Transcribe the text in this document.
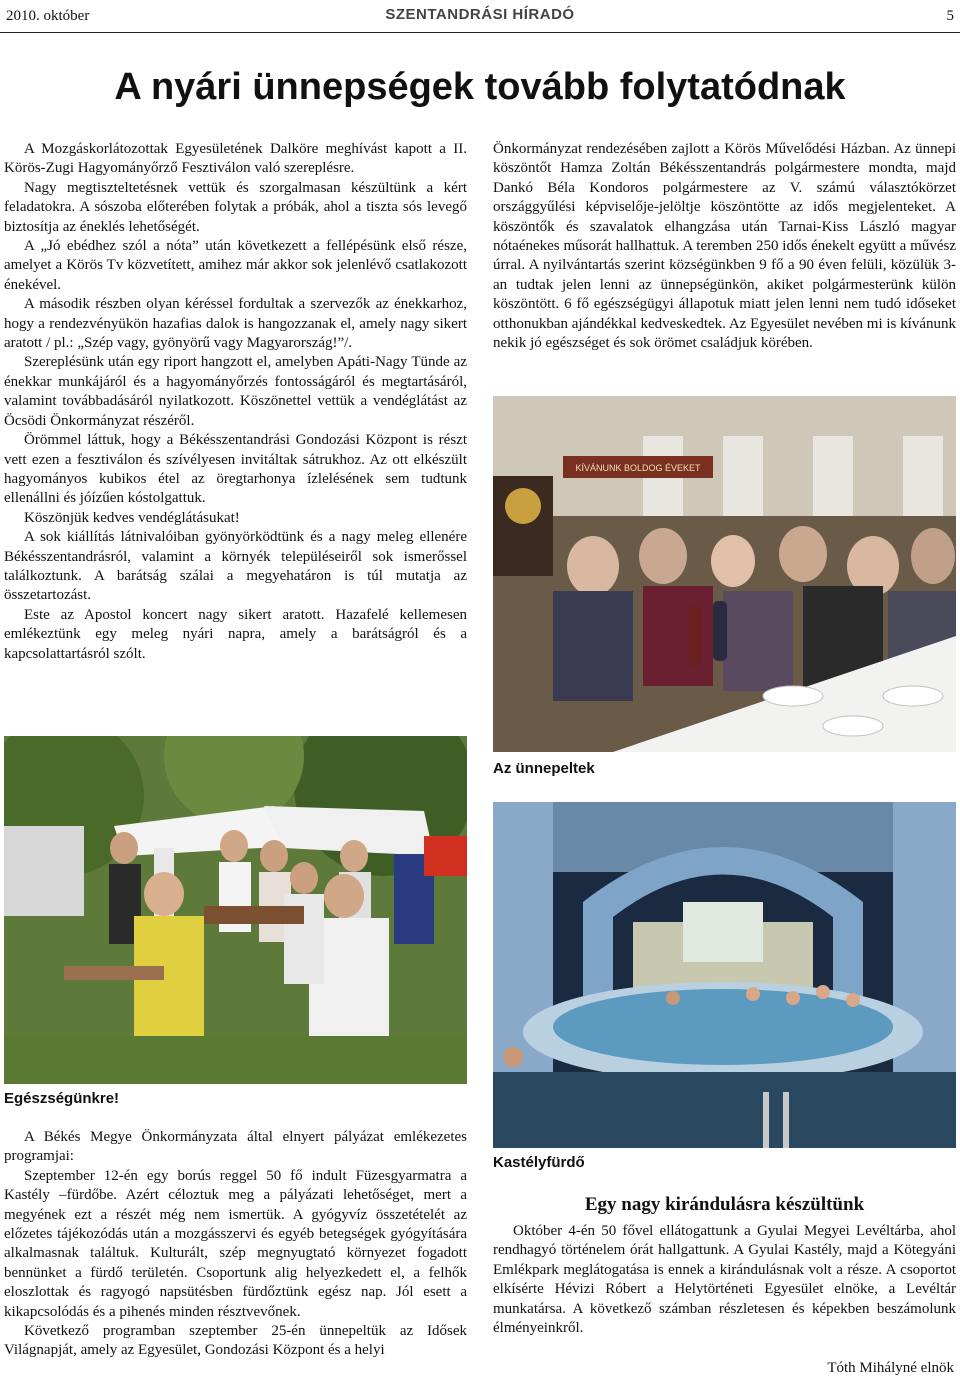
2010. október	SZENTANDRÁSI HÍRADÓ	5
A nyári ünnepségek tovább folytatódnak

A Mozgáskorlátozottak Egyesületének Dalköre meghívást kapott a II. Körös-Zugi Hagyományőrző Fesztiválon való szereplésre.

Nagy megtiszteltetésnek vettük és szorgalmasan készültünk a kért feladatokra. A sószoba előterében folytak a próbák, ahol a tiszta sós levegő biztosítja az éneklés lehetőségét.

A „Jó ebédhez szól a nóta” után következett a fellépésünk első része, amelyet a Körös Tv közvetített, amihez már akkor sok jelenlévő csatlakozott énekével.

A második részben olyan kéréssel fordultak a szervezők az énekkarhoz, hogy a rendezvényükön hazafias dalok is hangozzanak el, amely nagy sikert aratott / pl.: „Szép vagy, gyönyörű vagy Magyarország!”/.

Szereplésünk után egy riport hangzott el, amelyben Apáti-Nagy Tünde az énekkar munkájáról és a hagyományőrzés fontosságáról és megtartásáról, valamint továbbadásáról nyilatkozott. Köszönettel vettük a vendéglátást az Öcsödi Önkormányzat részéről.

Örömmel láttuk, hogy a Békésszentandrási Gondozási Központ is részt vett ezen a fesztiválon és szívélyesen invitáltak sátrukhoz. Az ott elkészült hagyományos kubikos étel az öregtarhonya ízlelésének sem tudtunk ellenállni és jóízűen kóstolgattuk.

Köszönjük kedves vendéglátásukat!

A sok kiállítás látnivalóiban gyönyörködtünk és a nagy meleg ellenére Békésszentandrásról, valamint a környék településeiről sok ismerőssel találkoztunk. A barátság szálai a megyehatáron is túl mutatja az összetartozást.

Este az Apostol koncert nagy sikert aratott. Hazafelé kellemesen emlékeztünk egy meleg nyári napra, amely a barátságról és a kapcsolattartásról szólt.

Önkormányzat rendezésében zajlott a Körös Művelődési Házban. Az ünnepi köszöntőt Hamza Zoltán Békésszentandrás polgármestere mondta, majd Dankó Béla Kondoros polgármestere az V. számú választókörzet országgyűlési képviselője-jelöltje köszöntötte az idős megjelenteket. A köszöntők és szavalatok elhangzása után Tarnai-Kiss László magyar nótaénekes műsorát hallhattuk. A teremben 250 idős énekelt együtt a művész úrral. A nyilvántartás szerint községünkben 9 fő a 90 éven felüli, közülük 3-an tudtak jelen lenni az ünnepségünkön, akiket polgármesterünk külön köszöntött. 6 fő egészségügyi állapotuk miatt jelen lenni nem tudó időseket otthonukban ajándékkal kedveskedtek. Az Egyesület nevében mi is kívánunk nekik jó egészséget és sok örömet családjuk körében.

KÍVÁNUNK BOLDOG ÉVEKET
Az ünnepeltek
Egészségünkre!
Kastélyfürdő

A Békés Megye Önkormányzata által elnyert pályázat emlékezetes programjai:

Szeptember 12-én egy borús reggel 50 fő indult Füzesgyarmatra a Kastély –fürdőbe. Azért céloztuk meg a pályázati lehetőséget, mert a megyének ezt a részét még nem ismertük. A gyógyvíz összetételét az előzetes tájékozódás után a mozgásszervi és egyéb betegségek gyógyítására alkalmasnak találtuk. Kulturált, szép megnyugtató környezet fogadott bennünket a fürdő területén. Csoportunk alig helyezkedett el, a felhők eloszlottak és ragyogó napsütésben fürdőztünk egész nap. Jól esett a kikapcsolódás és a pihenés minden résztvevőnek.

Következő programban szeptember 25-én ünnepeltük az Idősek Világnapját, amely az Egyesület, Gondozási Központ és a helyi

Egy nagy kirándulásra készültünk

Október 4-én 50 fővel ellátogattunk a Gyulai Megyei Levéltárba, ahol rendhagyó történelem órát hallgattunk. A Gyulai Kastély, majd a Kötegyáni Emlékpark meglátogatása is ennek a kirándulásnak volt a része. A csoportot elkísérte Hévizi Róbert a Helytörténeti Egyesület elnöke, a Levéltár munkatársa. A következő számban részletesen és képekben beszámolunk élményeinkről.

Tóth Mihályné elnök
